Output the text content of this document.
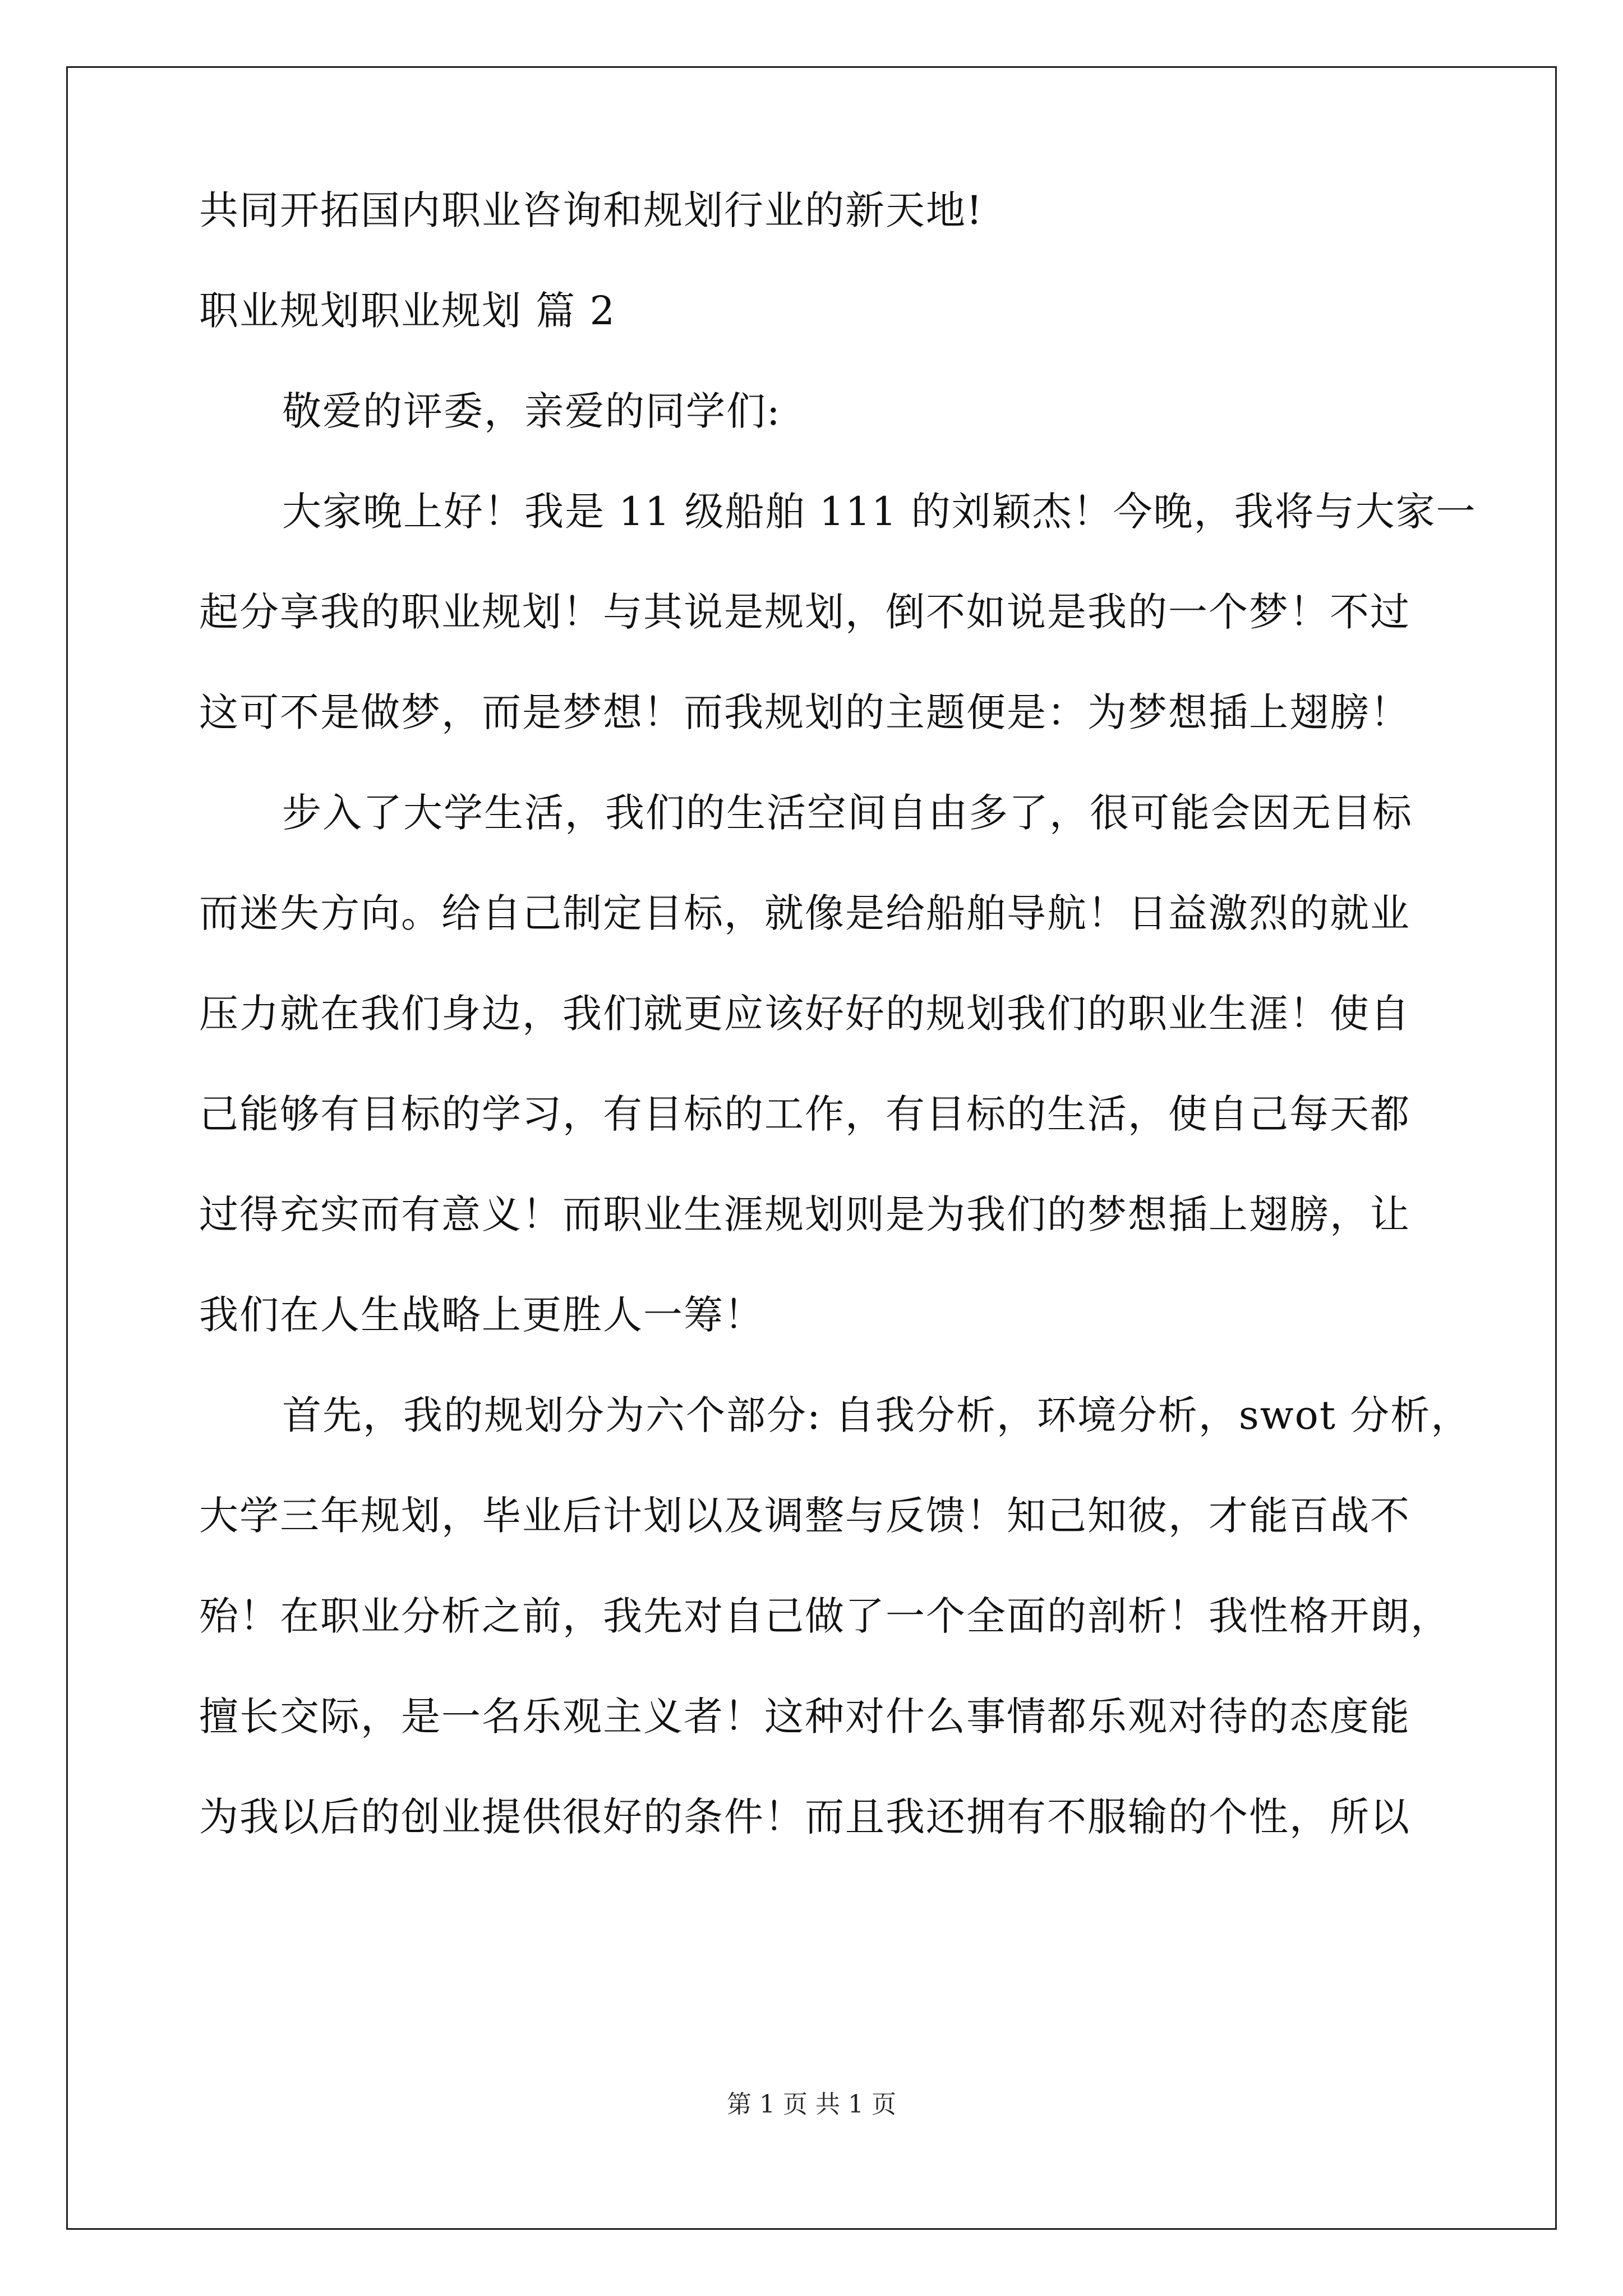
共同开拓国内职业咨询和规划行业的新天地!
职业规划职业规划 篇 2
敬爱的评委，亲爱的同学们:
大家晚上好！我是 11 级船舶 111 的刘颖杰！今晚，我将与大家一
起分享我的职业规划！与其说是规划，倒不如说是我的一个梦！不过
这可不是做梦，而是梦想！而我规划的主题便是：为梦想插上翅膀！
步入了大学生活，我们的生活空间自由多了，很可能会因无目标
而迷失方向。给自己制定目标，就像是给船舶导航！日益激烈的就业
压力就在我们身边，我们就更应该好好的规划我们的职业生涯！使自
己能够有目标的学习，有目标的工作，有目标的生活，使自己每天都
过得充实而有意义！而职业生涯规划则是为我们的梦想插上翅膀，让
我们在人生战略上更胜人一筹！
首先，我的规划分为六个部分: 自我分析，环境分析，swot 分析，
大学三年规划，毕业后计划以及调整与反馈！知己知彼，才能百战不
殆！在职业分析之前，我先对自己做了一个全面的剖析！我性格开朗，
擅长交际，是一名乐观主义者！这种对什么事情都乐观对待的态度能
为我以后的创业提供很好的条件！而且我还拥有不服输的个性，所以
第 1 页 共 1 页
